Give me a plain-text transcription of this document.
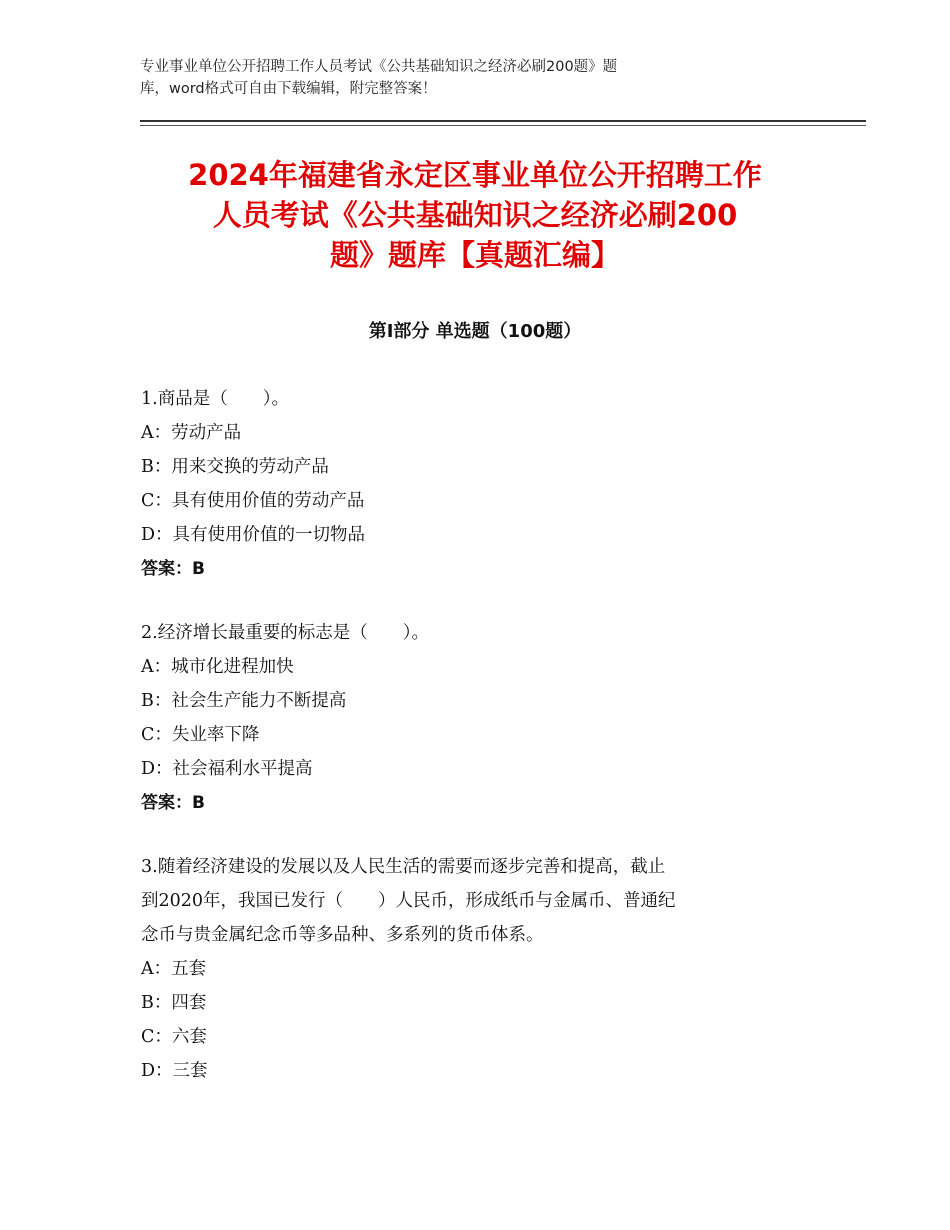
专业事业单位公开招聘工作人员考试《公共基础知识之经济必刷200题》题
库，word格式可自由下载编辑，附完整答案！
2024年福建省永定区事业单位公开招聘工作
人员考试《公共基础知识之经济必刷200
题》题库【真题汇编】
第Ⅰ部分 单选题（100题）
1.商品是（　　）。
A：劳动产品
B：用来交换的劳动产品
C：具有使用价值的劳动产品
D：具有使用价值的一切物品
答案：B
2.经济增长最重要的标志是（　　）。
A：城市化进程加快
B：社会生产能力不断提高
C：失业率下降
D：社会福利水平提高
答案：B
3.随着经济建设的发展以及人民生活的需要而逐步完善和提高，截止
到2020年，我国已发行（　　）人民币，形成纸币与金属币、普通纪
念币与贵金属纪念币等多品种、多系列的货币体系。
A：五套
B：四套
C：六套
D：三套
